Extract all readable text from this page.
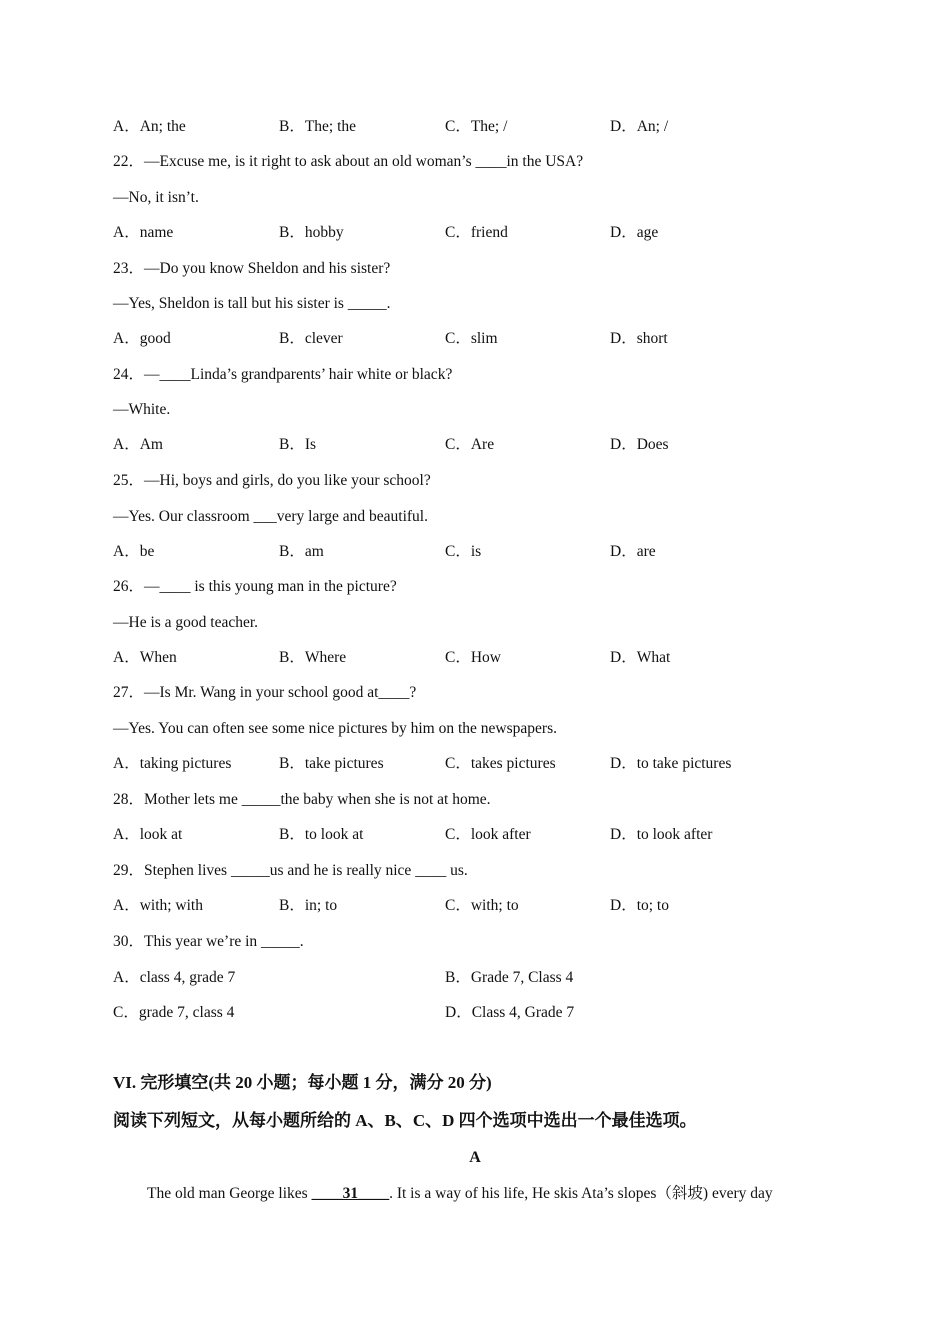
A．An; the	B．The; the	C．The; /	D．An; /
22．—Excuse me, is it right to ask about an old woman’s ____in the USA?
—No, it isn’t.
A．name	B．hobby	C．friend	D．age
23．—Do you know Sheldon and his sister?
—Yes, Sheldon is tall but his sister is _____.
A．good	B．clever	C．slim	D．short
24．—____Linda’s grandparents’ hair white or black?
—White.
A．Am	B．Is	C．Are	D．Does
25．—Hi, boys and girls, do you like your school?
—Yes. Our classroom ___very large and beautiful.
A．be	B．am	C．is	D．are
26．—____ is this young man in the picture?
—He is a good teacher.
A．When	B．Where	C．How	D．What
27．—Is Mr. Wang in your school good at____?
—Yes. You can often see some nice pictures by him on the newspapers.
A．taking pictures	B．take pictures	C．takes pictures	D．to take pictures
28．Mother lets me _____the baby when she is not at home.
A．look at	B．to look at	C．look after	D．to look after
29．Stephen lives _____us and he is really nice ____ us.
A．with; with	B．in; to	C．with; to	D．to; to
30．This year we’re in _____.
A．class 4, grade 7	B．Grade 7, Class 4
C．grade 7, class 4	D．Class 4, Grade 7
VI. 完形填空(共 20 小题；每小题 1 分，满分 20 分)
阅读下列短文，从每小题所给的 A、B、C、D 四个选项中选出一个最佳选项。
A
The old man George likes ____31____. It is a way of his life, He skis Ata’s slopes（斜坡) every day
